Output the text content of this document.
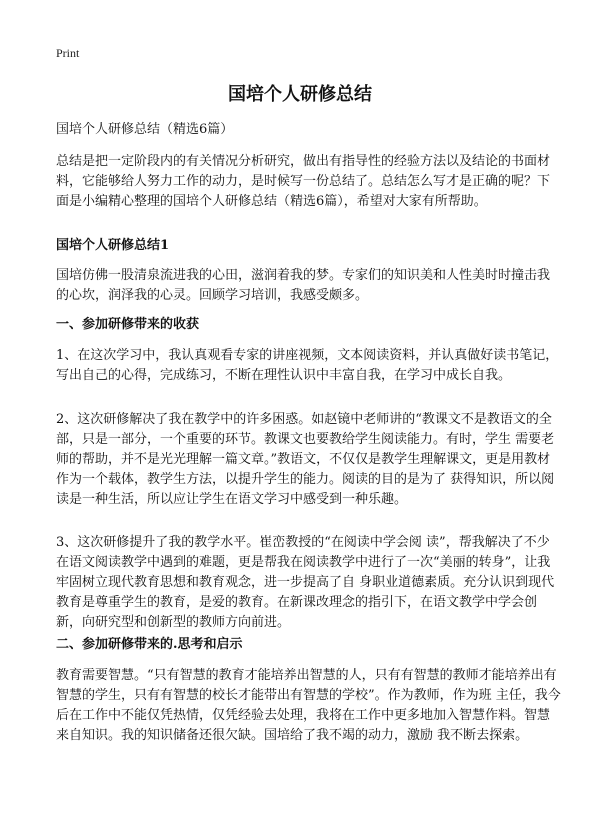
Print
国培个人研修总结

国培个人研修总结（精选6篇）

总结是把一定阶段内的有关情况分析研究，做出有指导性的经验方法以及结论的书面材料，它能够给人努力工作的动力，是时候写一份总结了。总结怎么写才是正确的呢？下面是小编精心整理的国培个人研修总结（精选6篇），希望对大家有所帮助。

国培个人研修总结1

国培仿佛一股清泉流进我的心田，滋润着我的梦。专家们的知识美和人性美时时撞击我的心坎，润泽我的心灵。回顾学习培训，我感受颇多。

一、参加研修带来的收获

1、在这次学习中，我认真观看专家的讲座视频，文本阅读资料，并认真做好读书笔记，写出自己的心得，完成练习，不断在理性认识中丰富自我，在学习中成长自我。

2、这次研修解决了我在教学中的许多困惑。如赵镜中老师讲的“教课文不是教语文的全部，只是一部分，一个重要的环节。教课文也要教给学生阅读能力。有时，学生 需要老师的帮助，并不是光光理解一篇文章。”教语文，不仅仅是教学生理解课文，更是用教材作为一个载体，教学生方法，以提升学生的能力。阅读的目的是为了 获得知识，所以阅读是一种生活，所以应让学生在语文学习中感受到一种乐趣。

3、这次研修提升了我的教学水平。崔峦教授的“在阅读中学会阅 读”，帮我解决了不少在语文阅读教学中遇到的难题，更是帮我在阅读教学中进行了一次“美丽的转身”，让我牢固树立现代教育思想和教育观念，进一步提高了自 身职业道德素质。充分认识到现代教育是尊重学生的教育，是爱的教育。在新课改理念的指引下，在语文教学中学会创新，向研究型和创新型的教师方向前进。

二、参加研修带来的.思考和启示

教育需要智慧。“只有智慧的教育才能培养出智慧的人，只有有智慧的教师才能培养出有智慧的学生，只有有智慧的校长才能带出有智慧的学校”。作为教师，作为班 主任，我今后在工作中不能仅凭热情，仅凭经验去处理，我将在工作中更多地加入智慧作料。智慧来自知识。我的知识储备还很欠缺。国培给了我不竭的动力，激励 我不断去探索。
